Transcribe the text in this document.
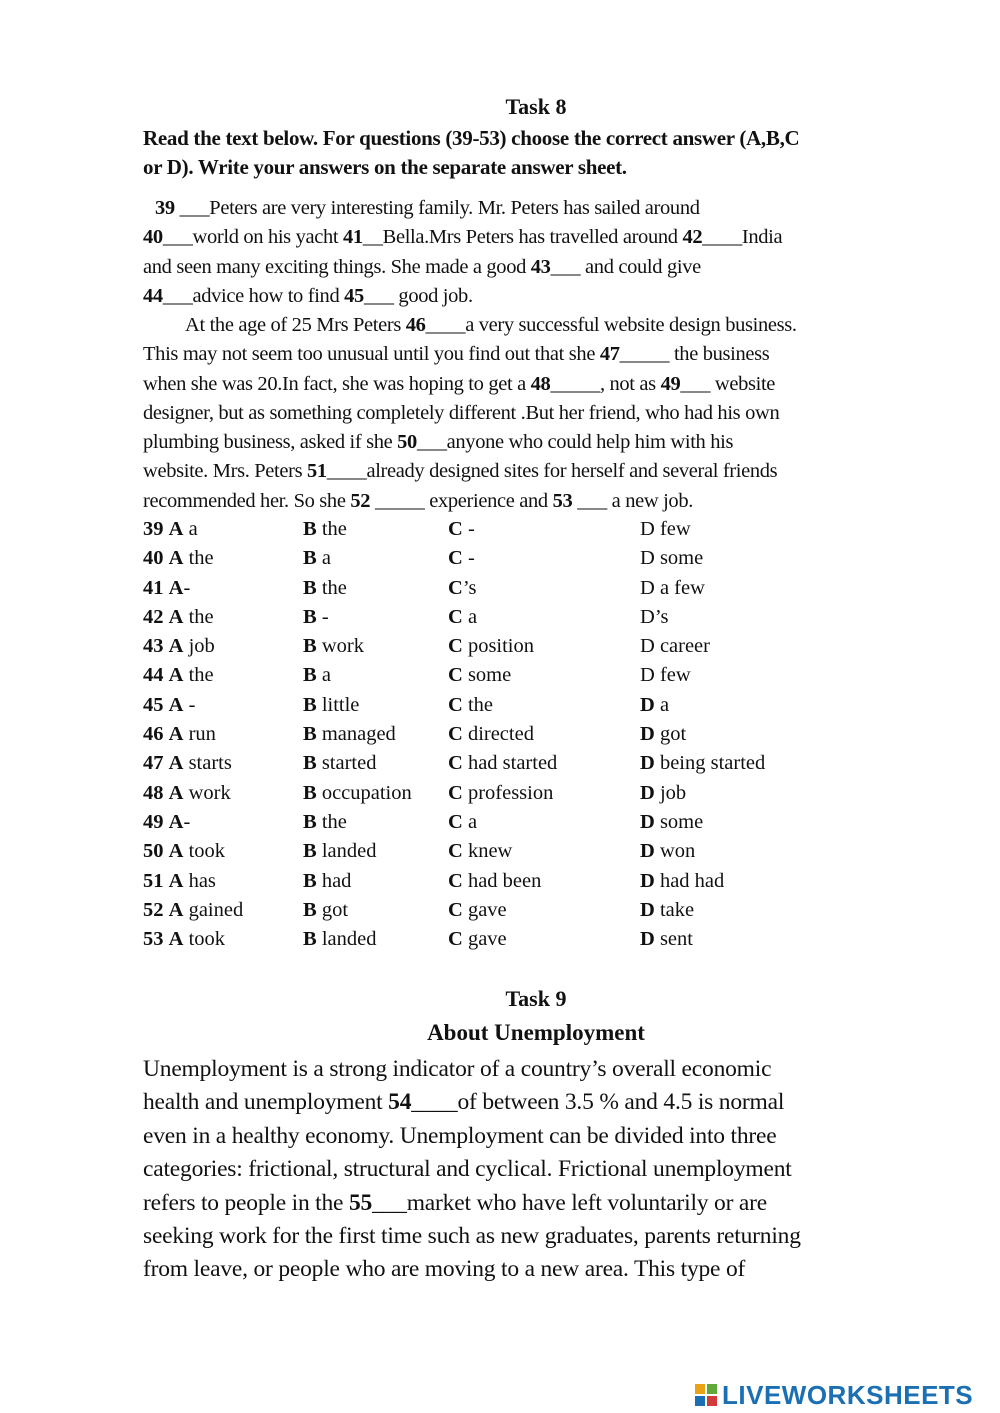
Task 8
Read the text below. For questions (39-53) choose the correct answer (A,B,C
or D). Write your answers on the separate answer sheet.
39 ___Peters are very interesting family. Mr. Peters has sailed around
40___world on his yacht 41__Bella.Mrs Peters has travelled around 42____India
and seen many exciting things. She made a good 43___ and could give
44___advice how to find 45___ good job.
At the age of 25 Mrs Peters 46____a very successful website design business.
This may not seem too unusual until you find out that she 47_____ the business
when she was 20.In fact, she was hoping to get a 48_____, not as 49___ website
designer, but as something completely different .But her friend, who had his own
plumbing business, asked if she 50___anyone who could help him with his
website. Mrs. Peters 51____already designed sites for herself and several friends
recommended her. So she 52 _____ experience and 53 ___ a new job.
39 A a	B the	C -	D few
40 A the	B a	C -	D some
41 A-	B the	C’s	D a few
42 A the	B -	C a	D’s
43 A job	B work	C position	D career
44 A the	B a	C some	D few
45 A -	B little	C the	D a
46 A run	B managed	C directed	D got
47 A starts	B started	C had started	D being started
48 A work	B occupation C profession	D job
49 A-	B the	C a	D some
50 A took	B landed	C knew	D won
51 A has	B had	C had been	D had had
52 A gained	B got	C gave	D take
53 A took	B landed	C gave	D sent
Task 9
About Unemployment
Unemployment is a strong indicator of a country’s overall economic
health and unemployment 54____of between 3.5 % and 4.5 is normal
even in a healthy economy. Unemployment can be divided into three
categories: frictional, structural and cyclical. Frictional unemployment
refers to people in the 55___market who have left voluntarily or are
seeking work for the first time such as new graduates, parents returning
from leave, or people who are moving to a new area. This type of
LIVEWORKSHEETS
